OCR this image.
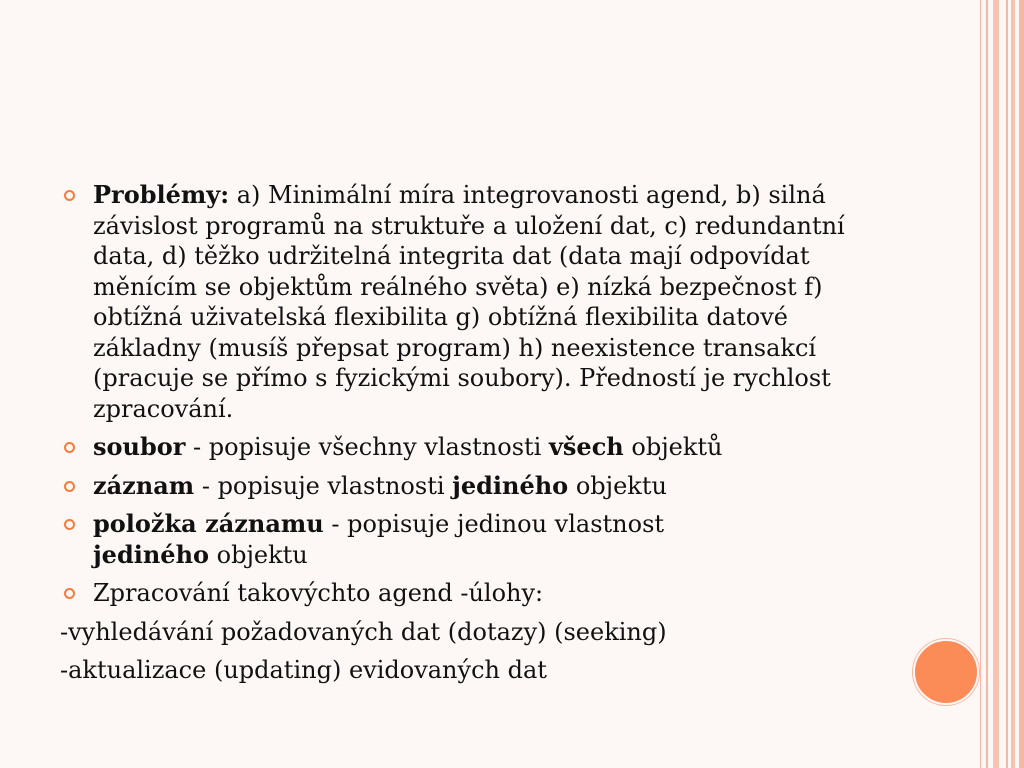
Problémy: a) Minimální míra integrovanosti agend, b) silná závislost programů na struktuře a uložení dat, c) redundantní data, d) těžko udržitelná integrita dat (data mají odpovídat měnícím se objektům reálného světa) e) nízká bezpečnost f) obtížná uživatelská flexibilita g) obtížná flexibilita datové základny (musíš přepsat program) h) neexistence transakcí (pracuje se přímo s fyzickými soubory). Předností je rychlost zpracování.
soubor - popisuje všechny vlastnosti všech objektů
záznam - popisuje vlastnosti jediného objektu
položka záznamu - popisuje jedinou vlastnost
jediného objektu
Zpracování takovýchto agend -úlohy:
-vyhledávání požadovaných dat (dotazy) (seeking)
-aktualizace (updating) evidovaných dat
